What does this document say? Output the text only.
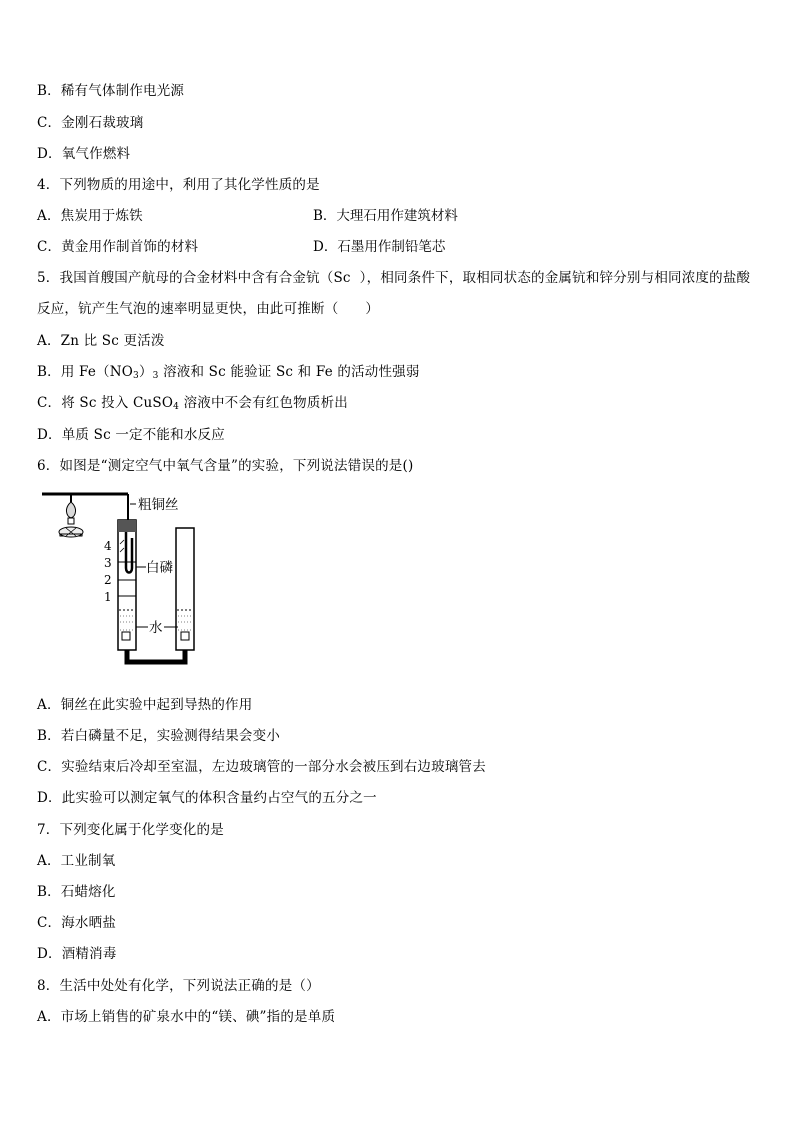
B．稀有气体制作电光源
C．金刚石裁玻璃
D．氧气作燃料
4．下列物质的用途中，利用了其化学性质的是
A．焦炭用于炼铁	B．大理石用作建筑材料
C．黄金用作制首饰的材料	D．石墨用作制铅笔芯
5．我国首艘国产航母的合金材料中含有合金钪（Sc  ），相同条件下，取相同状态的金属钪和锌分别与相同浓度的盐酸
反应，钪产生气泡的速率明显更快，由此可推断（      ）
A．Zn 比 Sc 更活泼
B．用 $Fe(NO_3)_3$ 溶液和 Sc 能验证 Sc 和 Fe 的活动性强弱
C．将 Sc 投入 CuSO$_4$ 溶液中不会有红色物质析出
D．单质 Sc 一定不能和水反应
6．如图是“测定空气中氧气含量”的实验，下列说法错误的是()
粗铜丝
白磷
水
4
3
2
1
A．铜丝在此实验中起到导热的作用
B．若白磷量不足，实验测得结果会变小
C．实验结束后冷却至室温，左边玻璃管的一部分水会被压到右边玻璃管去
D．此实验可以测定氧气的体积含量约占空气的五分之一
7．下列变化属于化学变化的是
A．工业制氧
B．石蜡熔化
C．海水晒盐
D．酒精消毒
8．生活中处处有化学，下列说法正确的是（）
A．市场上销售的矿泉水中的“镁、碘”指的是单质
